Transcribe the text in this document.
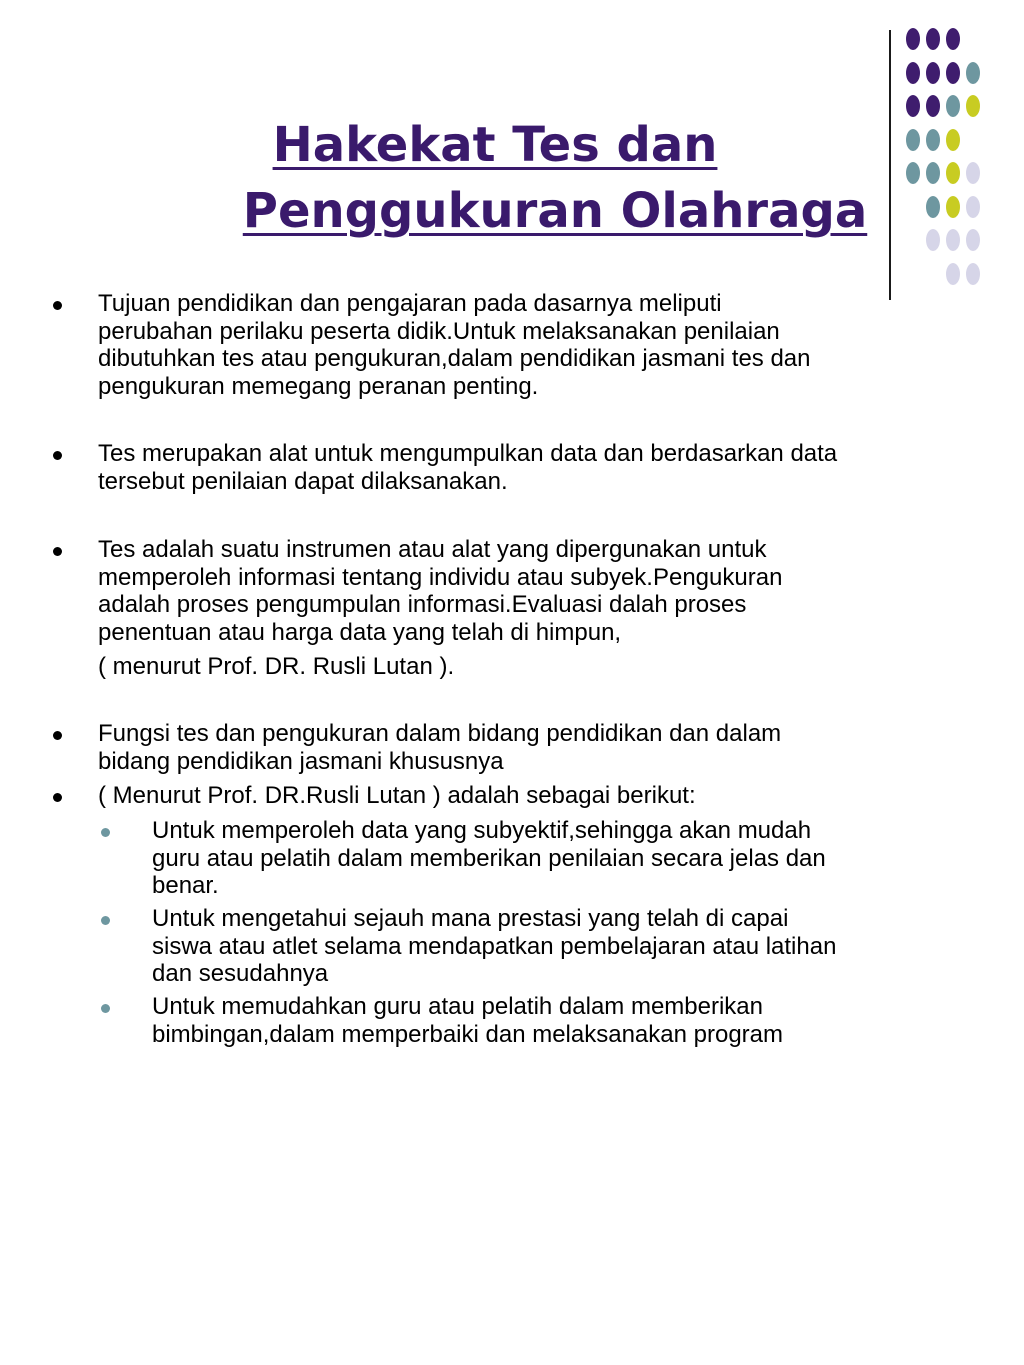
Hakekat Tes dan
Penggukuran Olahraga
Tujuan pendidikan dan pengajaran pada dasarnya meliputi
perubahan perilaku peserta didik.Untuk melaksanakan penilaian
dibutuhkan tes atau pengukuran,dalam pendidikan jasmani tes dan
pengukuran memegang peranan penting.
Tes merupakan alat untuk mengumpulkan data dan berdasarkan data
tersebut penilaian dapat dilaksanakan.
Tes adalah suatu instrumen atau alat yang dipergunakan untuk
memperoleh informasi tentang individu atau subyek.Pengukuran
adalah proses pengumpulan informasi.Evaluasi dalah proses
penentuan atau harga data yang telah di himpun,
( menurut Prof. DR. Rusli Lutan ).
Fungsi tes dan pengukuran dalam bidang pendidikan dan dalam
bidang pendidikan jasmani khususnya
( Menurut Prof. DR.Rusli Lutan ) adalah sebagai berikut:
Untuk memperoleh data yang subyektif,sehingga akan mudah
guru atau pelatih dalam memberikan penilaian secara jelas dan
benar.
Untuk mengetahui sejauh mana prestasi yang telah di capai
siswa atau atlet selama mendapatkan pembelajaran atau latihan
dan sesudahnya
Untuk memudahkan guru atau pelatih dalam memberikan
bimbingan,dalam memperbaiki dan melaksanakan program
